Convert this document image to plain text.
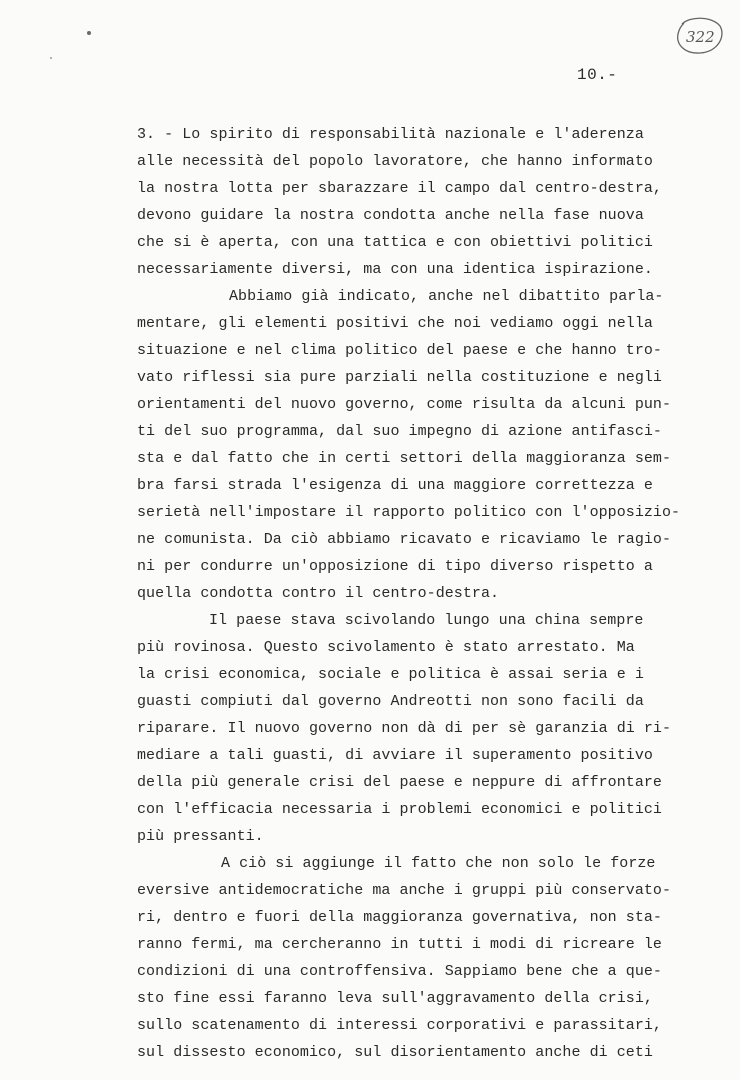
322
10.-
3. - Lo spirito di responsabilità nazionale e l'aderenza
alle necessità del popolo lavoratore, che hanno informato
la nostra lotta per sbarazzare il campo dal centro-destra,
devono guidare la nostra condotta anche nella fase nuova
che si è aperta, con una tattica e con obiettivi politici
necessariamente diversi, ma con una identica ispirazione.
Abbiamo già indicato, anche nel dibattito parla-
mentare, gli elementi positivi che noi vediamo oggi nella
situazione e nel clima politico del paese e che hanno tro-
vato riflessi sia pure parziali nella costituzione e negli
orientamenti del nuovo governo, come risulta da alcuni pun-
ti del suo programma, dal suo impegno di azione antifasci-
sta e dal fatto che in certi settori della maggioranza sem-
bra farsi strada l'esigenza di una maggiore correttezza e
serietà nell'impostare il rapporto politico con l'opposizio-
ne comunista. Da ciò abbiamo ricavato e ricaviamo le ragio-
ni per condurre un'opposizione di tipo diverso rispetto a
quella condotta contro il centro-destra.
Il paese stava scivolando lungo una china sempre
più rovinosa. Questo scivolamento è stato arrestato. Ma
la crisi economica, sociale e politica è assai seria e i
guasti compiuti dal governo Andreotti non sono facili da
riparare. Il nuovo governo non dà di per sè garanzia di ri-
mediare a tali guasti, di avviare il superamento positivo
della più generale crisi del paese e neppure di affrontare
con l'efficacia necessaria i problemi economici e politici
più pressanti.
A ciò si aggiunge il fatto che non solo le forze
eversive antidemocratiche ma anche i gruppi più conservato-
ri, dentro e fuori della maggioranza governativa, non sta-
ranno fermi, ma cercheranno in tutti i modi di ricreare le
condizioni di una controffensiva. Sappiamo bene che a que-
sto fine essi faranno leva sull'aggravamento della crisi,
sullo scatenamento di interessi corporativi e parassitari,
sul dissesto economico, sul disorientamento anche di ceti
